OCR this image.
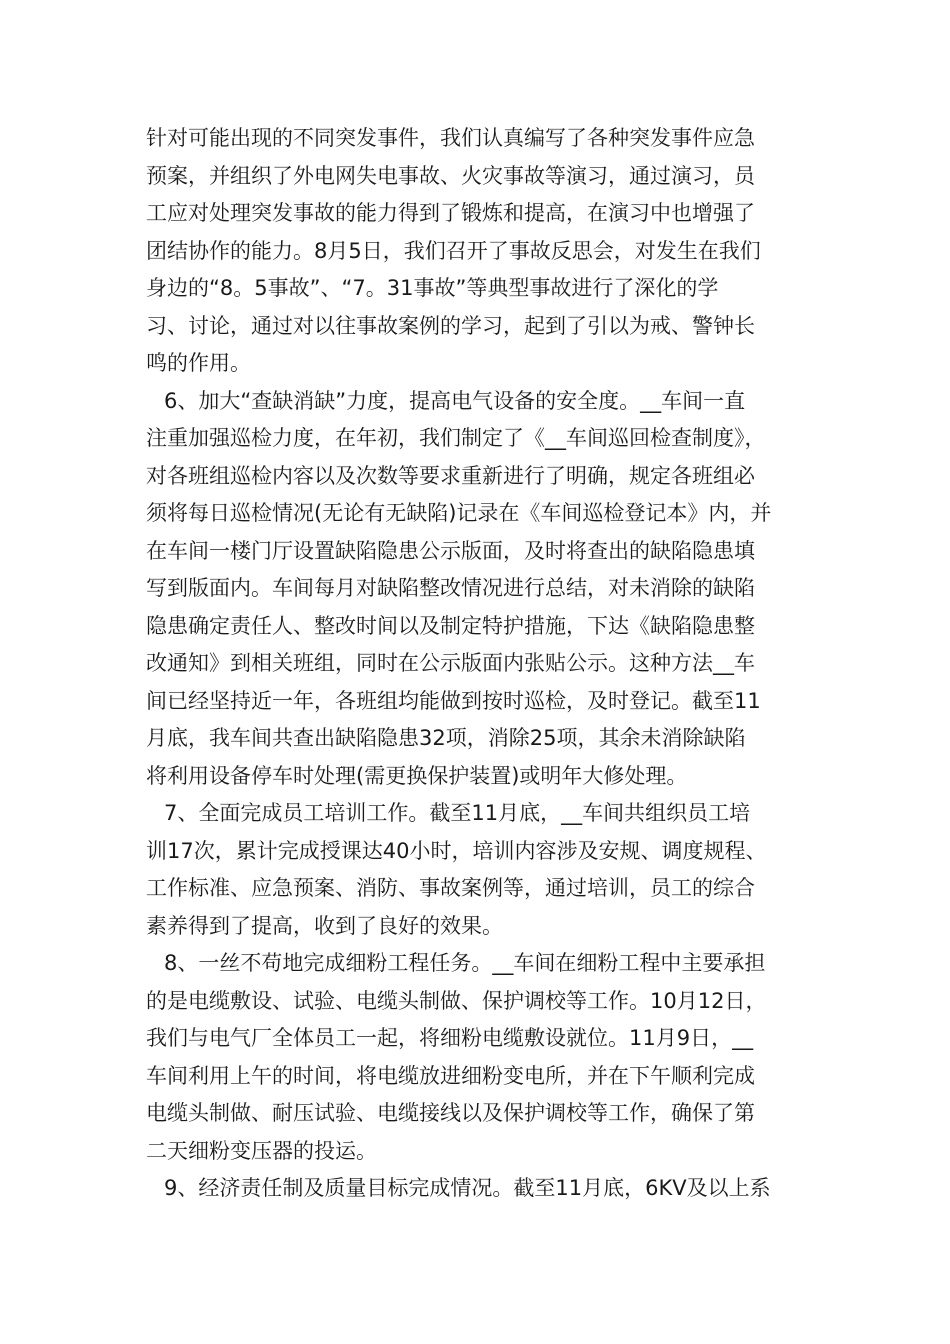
针对可能出现的不同突发事件，我们认真编写了各种突发事件应急
预案，并组织了外电网失电事故、火灾事故等演习，通过演习，员
工应对处理突发事故的能力得到了锻炼和提高，在演习中也增强了
团结协作的能力。8月5日，我们召开了事故反思会，对发生在我们
身边的“8。5事故”、“7。31事故”等典型事故进行了深化的学
习、讨论，通过对以往事故案例的学习，起到了引以为戒、警钟长
鸣的作用。
6、加大“查缺消缺”力度，提高电气设备的安全度。__车间一直
注重加强巡检力度，在年初，我们制定了《__车间巡回检查制度》，
对各班组巡检内容以及次数等要求重新进行了明确，规定各班组必
须将每日巡检情况(无论有无缺陷)记录在《车间巡检登记本》内，并
在车间一楼门厅设置缺陷隐患公示版面，及时将查出的缺陷隐患填
写到版面内。车间每月对缺陷整改情况进行总结，对未消除的缺陷
隐患确定责任人、整改时间以及制定特护措施，下达《缺陷隐患整
改通知》到相关班组，同时在公示版面内张贴公示。这种方法__车
间已经坚持近一年，各班组均能做到按时巡检，及时登记。截至11
月底，我车间共查出缺陷隐患32项，消除25项，其余未消除缺陷
将利用设备停车时处理(需更换保护装置)或明年大修处理。
7、全面完成员工培训工作。截至11月底，__车间共组织员工培
训17次，累计完成授课达40小时，培训内容涉及安规、调度规程、
工作标准、应急预案、消防、事故案例等，通过培训，员工的综合
素养得到了提高，收到了良好的效果。
8、一丝不苟地完成细粉工程任务。__车间在细粉工程中主要承担
的是电缆敷设、试验、电缆头制做、保护调校等工作。10月12日，
我们与电气厂全体员工一起，将细粉电缆敷设就位。11月9日，__
车间利用上午的时间，将电缆放进细粉变电所，并在下午顺利完成
电缆头制做、耐压试验、电缆接线以及保护调校等工作，确保了第
二天细粉变压器的投运。
9、经济责任制及质量目标完成情况。截至11月底，6KV及以上系
